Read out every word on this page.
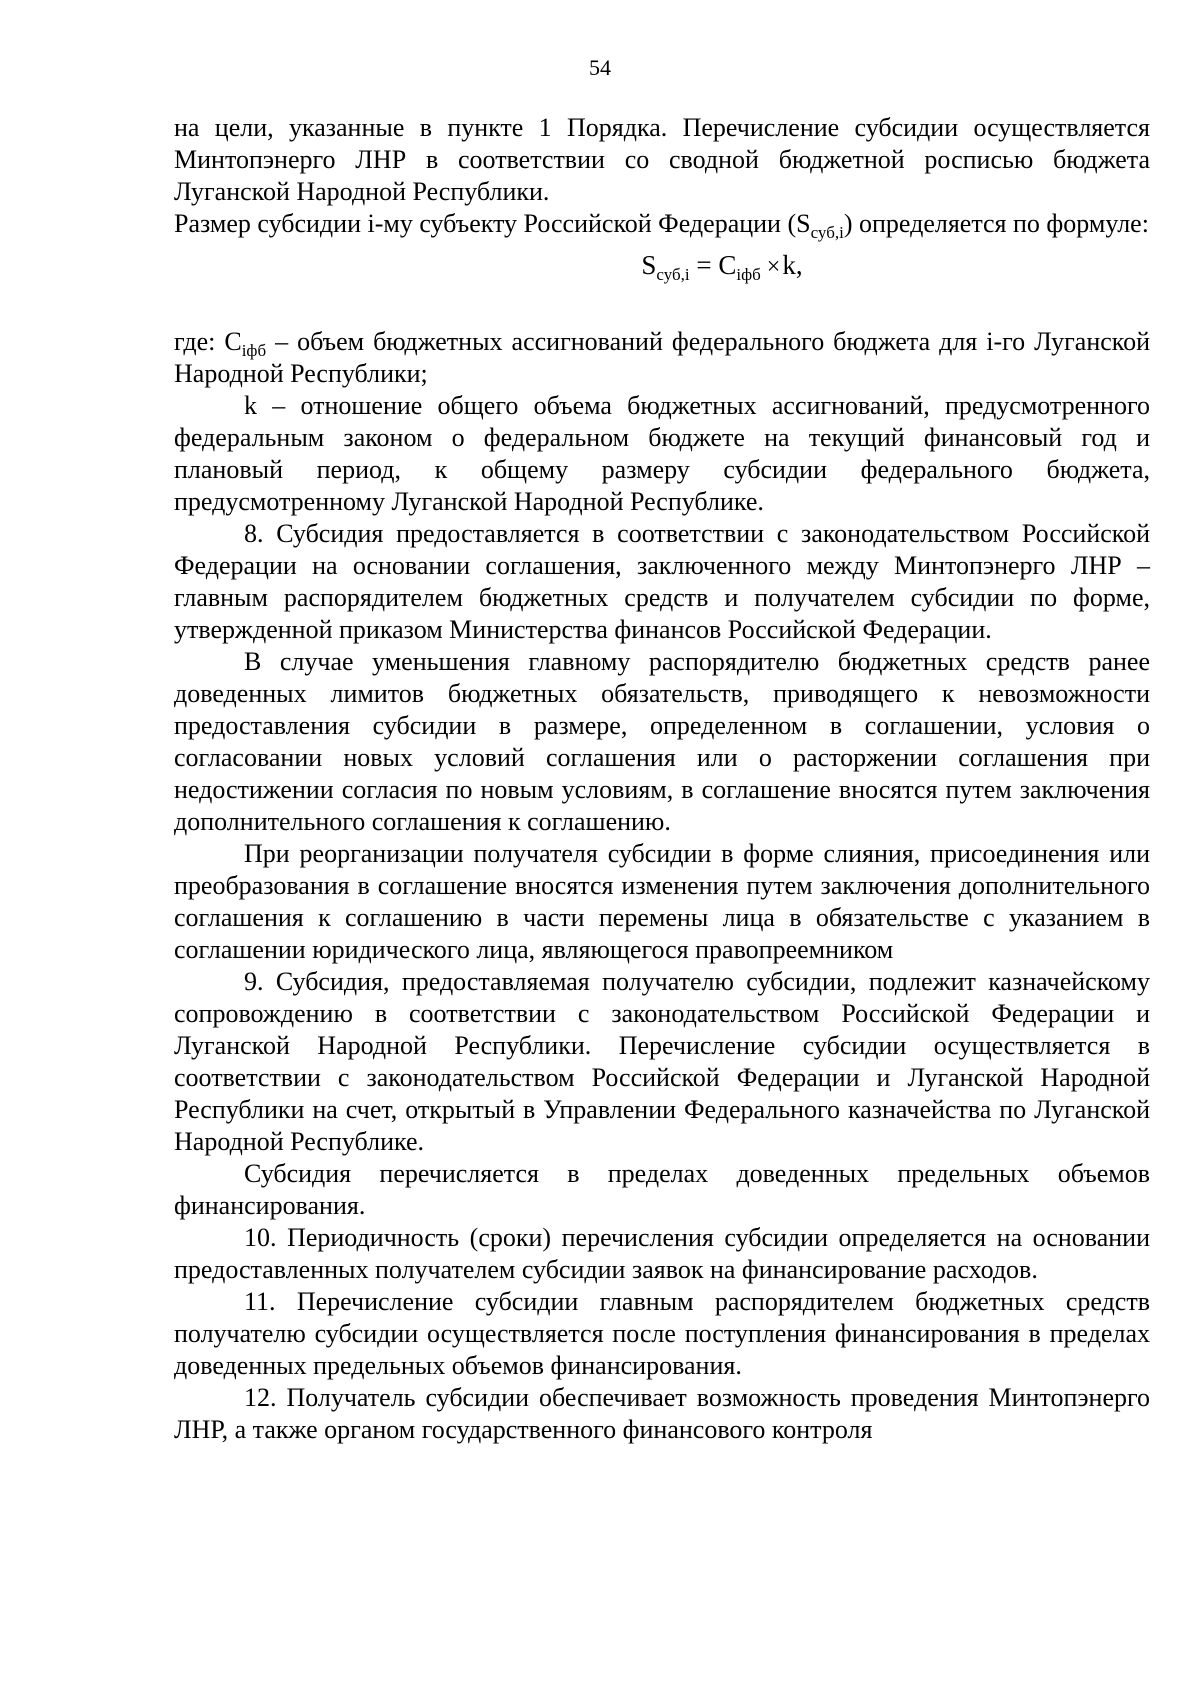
54

на цели, указанные в пункте 1 Порядка. Перечисление субсидии осуществляется Минтопэнерго ЛНР в соответствии со сводной бюджетной росписью бюджета Луганской Народной Республики.

Размер субсидии i-му субъекту Российской Федерации $(S_{суб,i})$ определяется по формуле:

$S_{суб,i} = C_{iфб} \times k$,

где: $C_{iфб}$ – объем бюджетных ассигнований федерального бюджета для i-го Луганской Народной Республики;

k – отношение общего объема бюджетных ассигнований, предусмотренного федеральным законом о федеральном бюджете на текущий финансовый год и плановый период, к общему размеру субсидии федерального бюджета, предусмотренному Луганской Народной Республике.

8. Субсидия предоставляется в соответствии с законодательством Российской Федерации на основании соглашения, заключенного между Минтопэнерго ЛНР – главным распорядителем бюджетных средств и получателем субсидии по форме, утвержденной приказом Министерства финансов Российской Федерации.

В случае уменьшения главному распорядителю бюджетных средств ранее доведенных лимитов бюджетных обязательств, приводящего к невозможности предоставления субсидии в размере, определенном в соглашении, условия о согласовании новых условий соглашения или о расторжении соглашения при недостижении согласия по новым условиям, в соглашение вносятся путем заключения дополнительного соглашения к соглашению.

При реорганизации получателя субсидии в форме слияния, присоединения или преобразования в соглашение вносятся изменения путем заключения дополнительного соглашения к соглашению в части перемены лица в обязательстве с указанием в соглашении юридического лица, являющегося правопреемником

9. Субсидия, предоставляемая получателю субсидии, подлежит казначейскому сопровождению в соответствии с законодательством Российской Федерации и Луганской Народной Республики. Перечисление субсидии осуществляется в соответствии с законодательством Российской Федерации и Луганской Народной Республики на счет, открытый в Управлении Федерального казначейства по Луганской Народной Республике.

Субсидия перечисляется в пределах доведенных предельных объемов финансирования.

10. Периодичность (сроки) перечисления субсидии определяется на основании предоставленных получателем субсидии заявок на финансирование расходов.

11. Перечисление субсидии главным распорядителем бюджетных средств получателю субсидии осуществляется после поступления финансирования в пределах доведенных предельных объемов финансирования.

12. Получатель субсидии обеспечивает возможность проведения Минтопэнерго ЛНР, а также органом государственного финансового контроля
